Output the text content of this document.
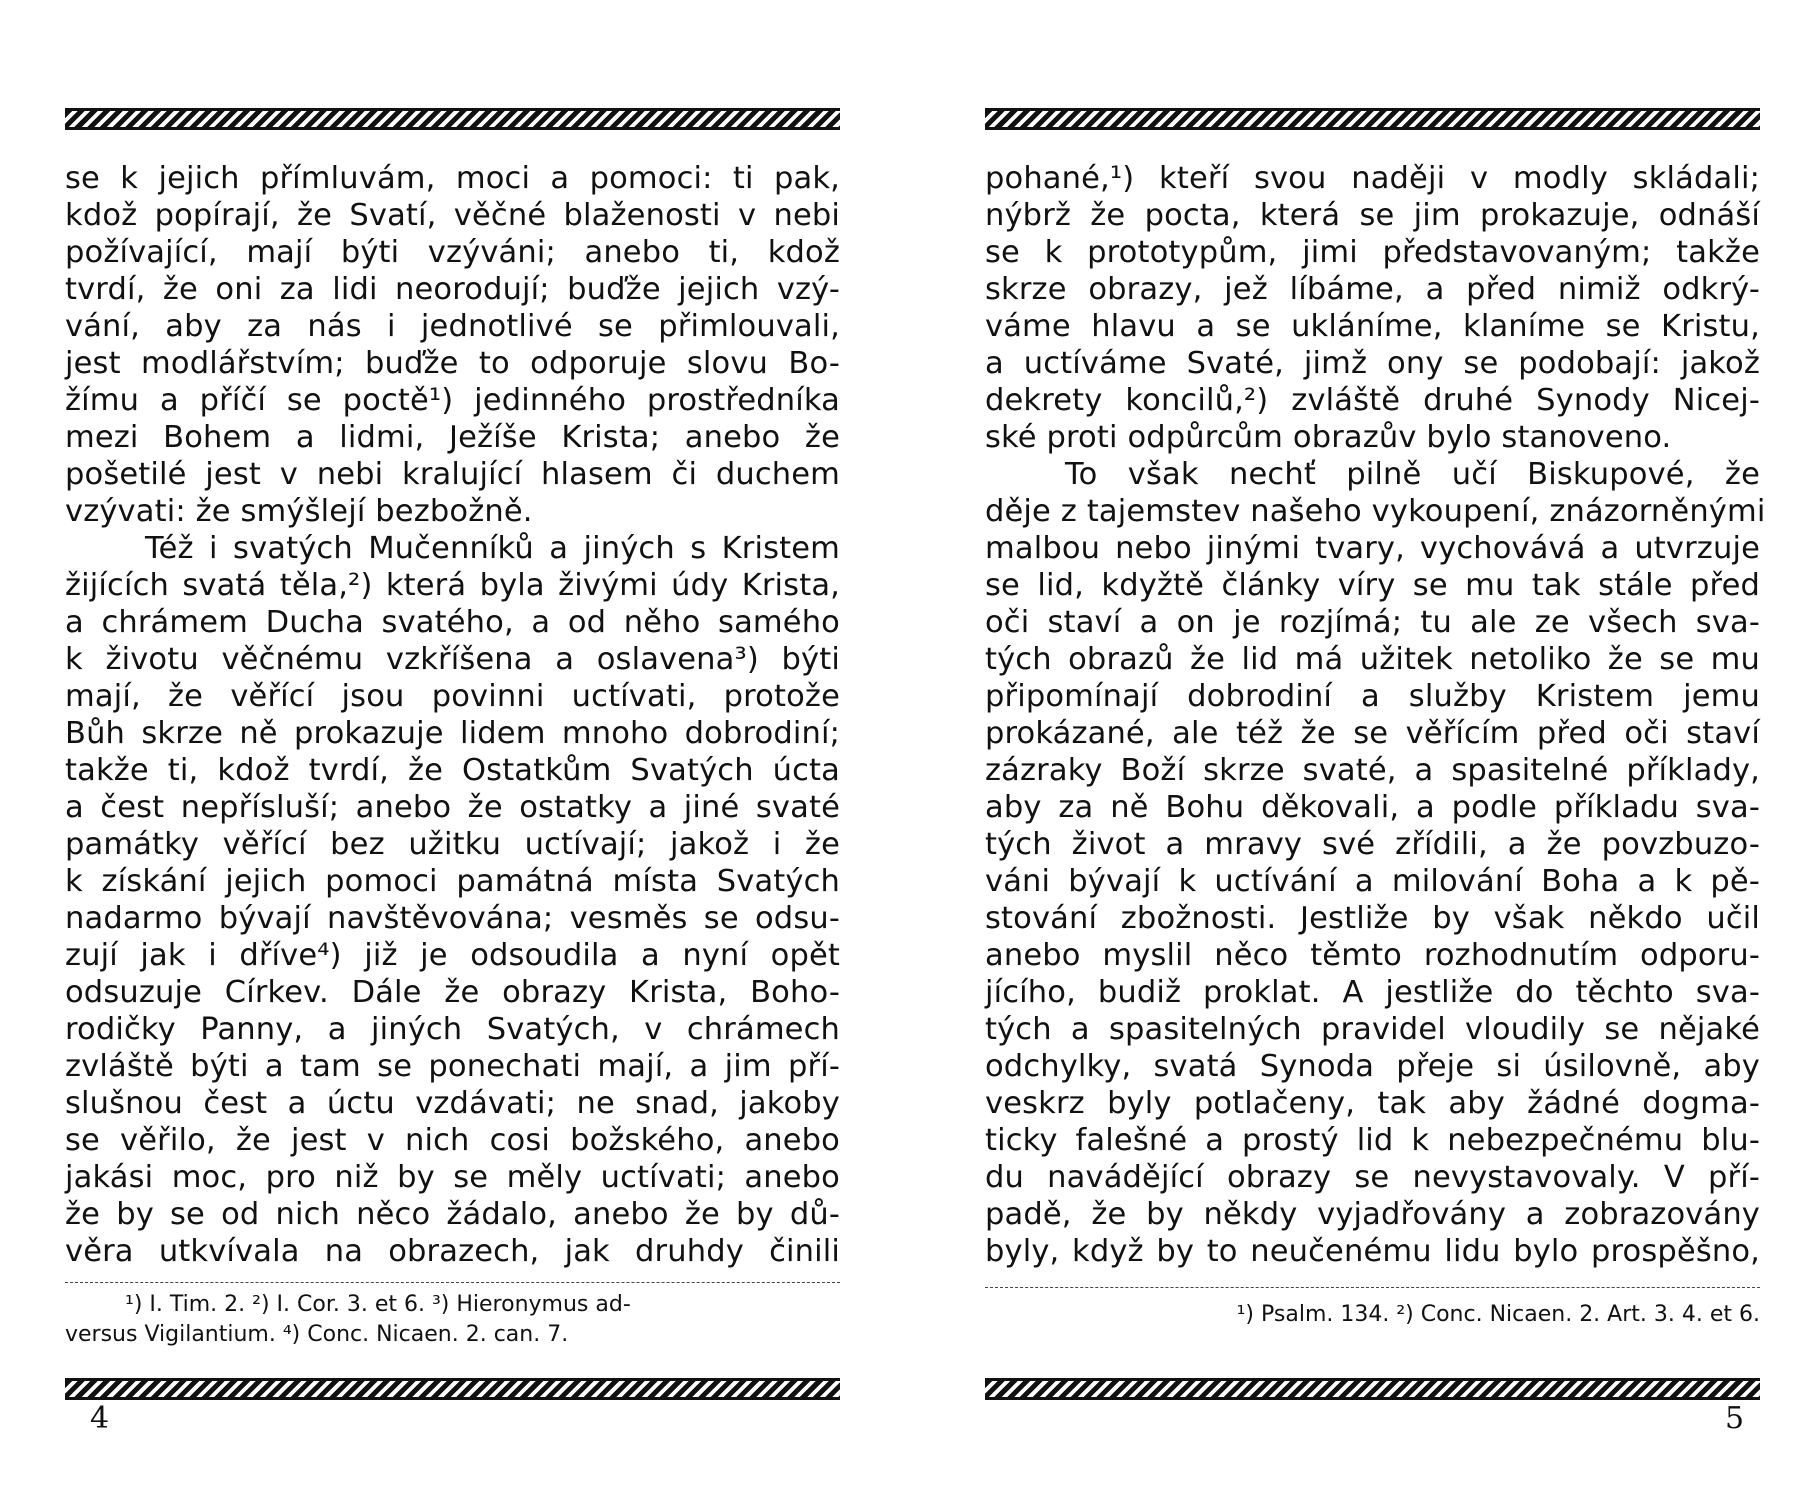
se k jejich přímluvám, moci a pomoci: ti pak,
kdož popírají, že Svatí, věčné blaženosti v nebi
požívající, mají býti vzýváni; anebo ti, kdož
tvrdí, že oni za lidi neorodují; buďže jejich vzý-
vání, aby za nás i jednotlivé se přimlouvali,
jest modlářstvím; buďže to odporuje slovu Bo-
žímu a příčí se poctě¹) jedinného prostředníka
mezi Bohem a lidmi, Ježíše Krista; anebo že
pošetilé jest v nebi kralující hlasem či duchem
vzývati: že smýšlejí bezbožně.
Též i svatých Mučenníků a jiných s Kristem
žijících svatá těla,²) která byla živými údy Krista,
a chrámem Ducha svatého, a od něho samého
k životu věčnému vzkříšena a oslavena³) býti
mají, že věřící jsou povinni uctívati, protože
Bůh skrze ně prokazuje lidem mnoho dobrodiní;
takže ti, kdož tvrdí, že Ostatkům Svatých úcta
a čest nepřísluší; anebo že ostatky a jiné svaté
památky věřící bez užitku uctívají; jakož i že
k získání jejich pomoci památná místa Svatých
nadarmo bývají navštěvována; vesměs se odsu-
zují jak i dříve⁴) již je odsoudila a nyní opět
odsuzuje Církev. Dále že obrazy Krista, Boho-
rodičky Panny, a jiných Svatých, v chrámech
zvláště býti a tam se ponechati mají, a jim pří-
slušnou čest a úctu vzdávati; ne snad, jakoby
se věřilo, že jest v nich cosi božského, anebo
jakási moc, pro niž by se měly uctívati; anebo
že by se od nich něco žádalo, anebo že by dů-
věra utkvívala na obrazech, jak druhdy činili
¹) I. Tim. 2. ²) I. Cor. 3. et 6. ³) Hieronymus ad-
versus Vigilantium. ⁴) Conc. Nicaen. 2. can. 7.
4
pohané,¹) kteří svou naději v modly skládali;
nýbrž že pocta, která se jim prokazuje, odnáší
se k prototypům, jimi představovaným; takže
skrze obrazy, jež líbáme, a před nimiž odkrý-
váme hlavu a se ukláníme, klaníme se Kristu,
a uctíváme Svaté, jimž ony se podobají: jakož
dekrety koncilů,²) zvláště druhé Synody Nicej-
ské proti odpůrcům obrazův bylo stanoveno.
To však nechť pilně učí Biskupové, že
děje z tajemstev našeho vykoupení, znázorněnými
malbou nebo jinými tvary, vychovává a utvrzuje
se lid, kdyžtě články víry se mu tak stále před
oči staví a on je rozjímá; tu ale ze všech sva-
tých obrazů že lid má užitek netoliko že se mu
připomínají dobrodiní a služby Kristem jemu
prokázané, ale též že se věřícím před oči staví
zázraky Boží skrze svaté, a spasitelné příklady,
aby za ně Bohu děkovali, a podle příkladu sva-
tých život a mravy své zřídili, a že povzbuzo-
váni bývají k uctívání a milování Boha a k pě-
stování zbožnosti. Jestliže by však někdo učil
anebo myslil něco těmto rozhodnutím odporu-
jícího, budiž proklat. A jestliže do těchto sva-
tých a spasitelných pravidel vloudily se nějaké
odchylky, svatá Synoda přeje si úsilovně, aby
veskrz byly potlačeny, tak aby žádné dogma-
ticky falešné a prostý lid k nebezpečnému blu-
du navádějící obrazy se nevystavovaly. V pří-
padě, že by někdy vyjadřovány a zobrazovány
byly, když by to neučenému lidu bylo prospěšno,
¹) Psalm. 134. ²) Conc. Nicaen. 2. Art. 3. 4. et 6.
5
